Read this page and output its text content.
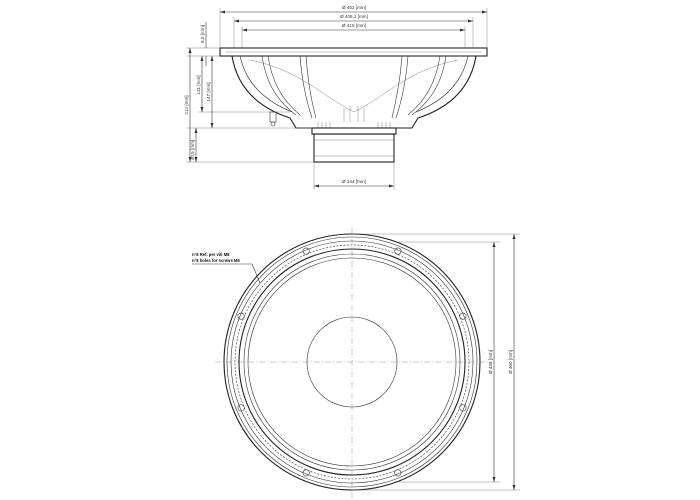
Ø 462 [mm]
Ø 406,1 [mm]
Ø 415 [mm]
Ø 144 [mm]
8,5 [mm]
212 [mm]
147 [mm]
131 [mm]
40,5 [mm]
n°8 Ref. per viti M8
n°8 holes for screws M8
Ø 438 [mm]	Ø 460 [mm]
